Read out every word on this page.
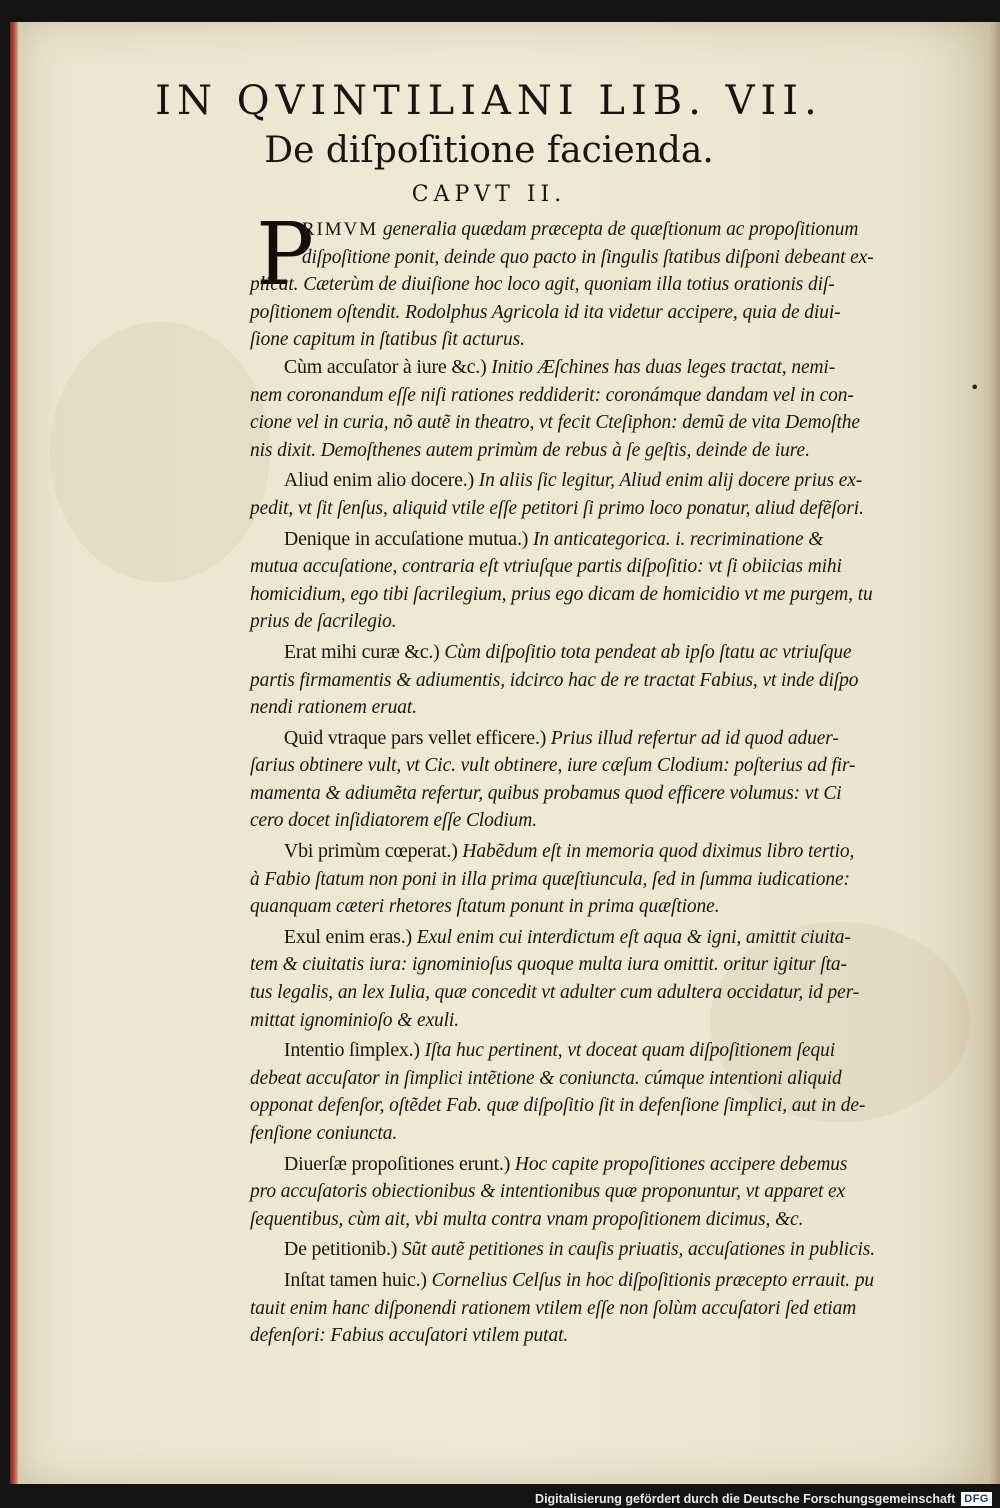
IN QVINTILIANI LIB. VII.
De diſpoſitione facienda.
CAPVT II.
P
RIMVM generalia quædam præcepta de quæſtionum ac propoſitionum
diſpoſitione ponit, deinde quo pacto in ſingulis ſtatibus diſponi debeant ex-
plicat. Cæterùm de diuiſione hoc loco agit, quoniam illa totius orationis diſ-
poſitionem oſtendit. Rodolphus Agricola id ita videtur accipere, quia de diui-
ſione capitum in ſtatibus ſit acturus.
Cùm accuſator à iure &c.) Initio Æſchines has duas leges tractat, nemi-
nem coronandum eſſe niſi rationes reddiderit: coronámque dandam vel in con-
cione vel in curia, nõ autẽ in theatro, vt fecit Cteſiphon: demũ de vita Demoſthe
nis dixit. Demoſthenes autem primùm de rebus à ſe geſtis, deinde de iure.
Aliud enim alio docere.) In aliis ſic legitur, Aliud enim alij docere prius ex-
pedit, vt ſit ſenſus, aliquid vtile eſſe petitori ſi primo loco ponatur, aliud defẽſori.
Denique in accuſatione mutua.) In anticategorica. i. recriminatione &
mutua accuſatione, contraria eſt vtriuſque partis diſpoſitio: vt ſi obiicias mihi
homicidium, ego tibi ſacrilegium, prius ego dicam de homicidio vt me purgem, tu
prius de ſacrilegio.
Erat mihi curæ &c.) Cùm diſpoſitio tota pendeat ab ipſo ſtatu ac vtriuſque
partis firmamentis & adiumentis, idcirco hac de re tractat Fabius, vt inde diſpo
nendi rationem eruat.
Quid vtraque pars vellet efficere.) Prius illud refertur ad id quod aduer-
ſarius obtinere vult, vt Cic. vult obtinere, iure cæſum Clodium: poſterius ad fir-
mamenta & adiumẽta refertur, quibus probamus quod efficere volumus: vt Ci
cero docet inſidiatorem eſſe Clodium.
Vbi primùm cœperat.) Habẽdum eſt in memoria quod diximus libro tertio,
à Fabio ſtatum non poni in illa prima quæſtiuncula, ſed in ſumma iudicatione:
quanquam cæteri rhetores ſtatum ponunt in prima quæſtione.
Exul enim eras.) Exul enim cui interdictum eſt aqua & igni, amittit ciuita-
tem & ciuitatis iura: ignominioſus quoque multa iura omittit. oritur igitur ſta-
tus legalis, an lex Iulia, quæ concedit vt adulter cum adultera occidatur, id per-
mittat ignominioſo & exuli.
Intentio ſimplex.) Iſta huc pertinent, vt doceat quam diſpoſitionem ſequi
debeat accuſator in ſimplici intẽtione & coniuncta. cúmque intentioni aliquid
opponat defenſor, oſtẽdet Fab. quæ diſpoſitio ſit in defenſione ſimplici, aut in de-
fenſione coniuncta.
Diuerſæ propoſitiones erunt.) Hoc capite propoſitiones accipere debemus
pro accuſatoris obiectionibus & intentionibus quæ proponuntur, vt apparet ex
ſequentibus, cùm ait, vbi multa contra vnam propoſitionem dicimus, &c.
De petitionib.) Sũt autẽ petitiones in cauſis priuatis, accuſationes in publicis.
Inſtat tamen huic.) Cornelius Celſus in hoc diſpoſitionis præcepto errauit. pu
tauit enim hanc diſponendi rationem vtilem eſſe non ſolùm accuſatori ſed etiam
defenſori: Fabius accuſatori vtilem putat.
•
Digitalisierung gefördert durch die Deutsche Forschungsgemeinschaft DFG
